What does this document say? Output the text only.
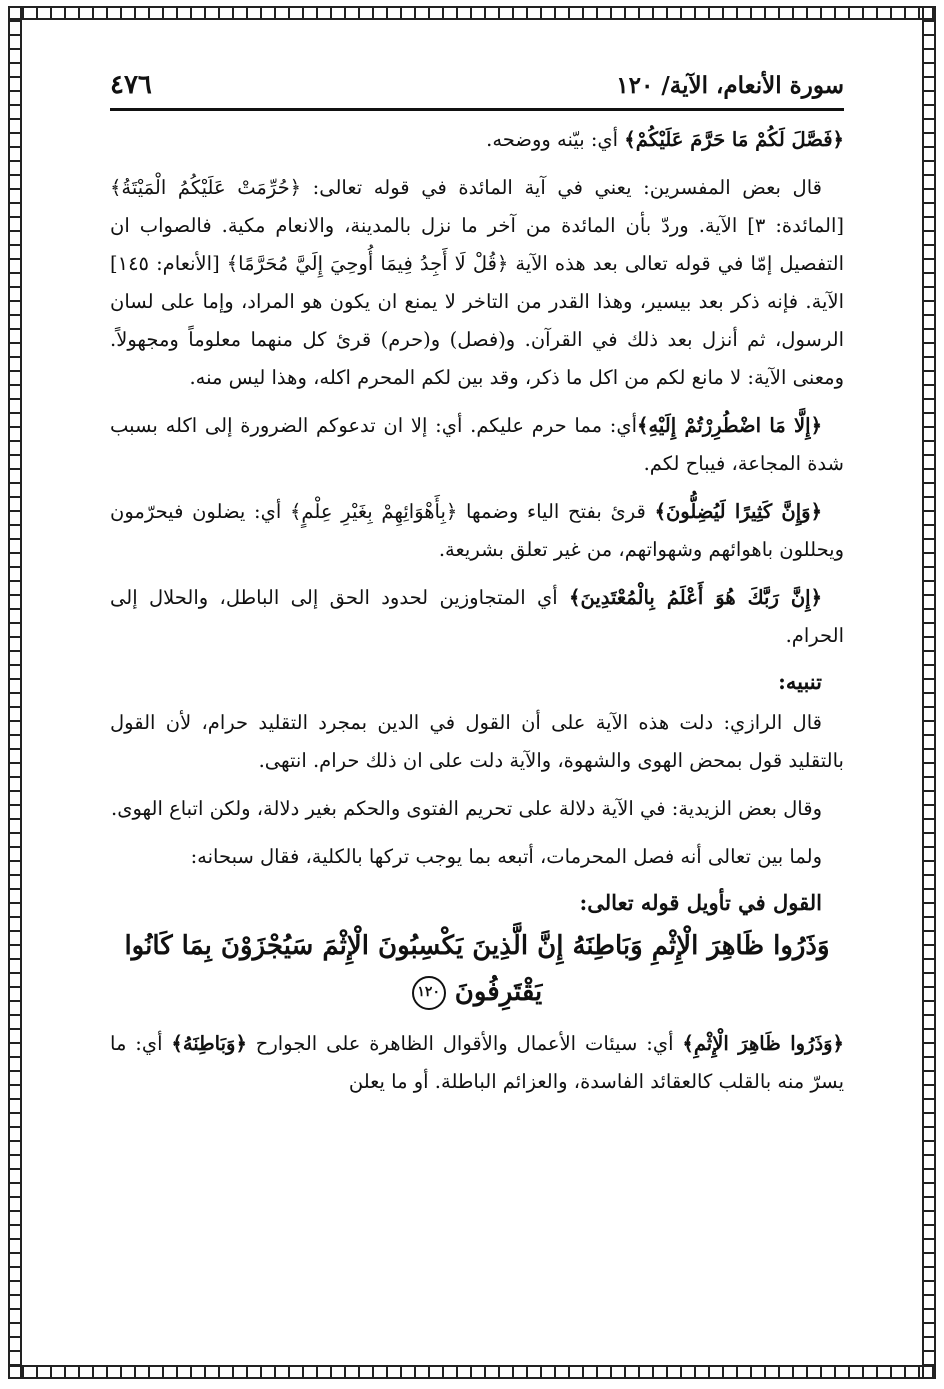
سورة الأنعام، الآية/ ١٢٠
٤٧٦

﴿فَصَّلَ لَكُمْ مَا حَرَّمَ عَلَيْكُمْ﴾ أي: بيّنه ووضحه.

قال بعض المفسرين: يعني في آية المائدة في قوله تعالى: ﴿حُرِّمَتْ عَلَيْكُمُ الْمَيْتَةُ﴾[المائدة: ٣] الآية. وردّ بأن المائدة من آخر ما نزل بالمدينة، والانعام مكية. فالصواب ان التفصيل إمّا في قوله تعالى بعد هذه الآية ﴿قُلْ لَا أَجِدُ فِيمَا أُوحِيَ إِلَيَّ مُحَرَّمًا﴾ [الأنعام: ١٤٥] الآية. فإنه ذكر بعد بيسير، وهذا القدر من التاخر لا يمنع ان يكون هو المراد، وإما على لسان الرسول، ثم أنزل بعد ذلك في القرآن. و(فصل) و(حرم) قرئ كل منهما معلوماً ومجهولاً. ومعنى الآية: لا مانع لكم من اكل ما ذكر، وقد بين لكم المحرم اكله، وهذا ليس منه.

﴿إِلَّا مَا اضْطُرِرْتُمْ إِلَيْهِ﴾أي: مما حرم عليكم. أي: إلا ان تدعوكم الضرورة إلى اكله بسبب شدة المجاعة، فيباح لكم.

﴿وَإِنَّ كَثِيرًا لَيُضِلُّونَ﴾ قرئ بفتح الياء وضمها ﴿بِأَهْوَائِهِمْ بِغَيْرِ عِلْمٍ﴾ أي: يضلون فيحرّمون ويحللون باهوائهم وشهواتهم، من غير تعلق بشريعة.

﴿إِنَّ رَبَّكَ هُوَ أَعْلَمُ بِالْمُعْتَدِينَ﴾ أي المتجاوزين لحدود الحق إلى الباطل، والحلال إلى الحرام.

تنبيه:

قال الرازي: دلت هذه الآية على أن القول في الدين بمجرد التقليد حرام، لأن القول بالتقليد قول بمحض الهوى والشهوة، والآية دلت على ان ذلك حرام. انتهى.

وقال بعض الزيدية: في الآية دلالة على تحريم الفتوى والحكم بغير دلالة، ولكن اتباع الهوى.

ولما بين تعالى أنه فصل المحرمات، أتبعه بما يوجب تركها بالكلية، فقال سبحانه:

القول في تأويل قوله تعالى:
وَذَرُوا ظَاهِرَ الْإِثْمِ وَبَاطِنَهُ إِنَّ الَّذِينَ يَكْسِبُونَ الْإِثْمَ سَيُجْزَوْنَ بِمَا كَانُوا يَقْتَرِفُونَ ١٢٠

﴿وَذَرُوا ظَاهِرَ الْإِثْمِ﴾ أي: سيئات الأعمال والأقوال الظاهرة على الجوارح ﴿وَبَاطِنَهُ﴾ أي: ما يسرّ منه بالقلب كالعقائد الفاسدة، والعزائم الباطلة. أو ما يعلن
